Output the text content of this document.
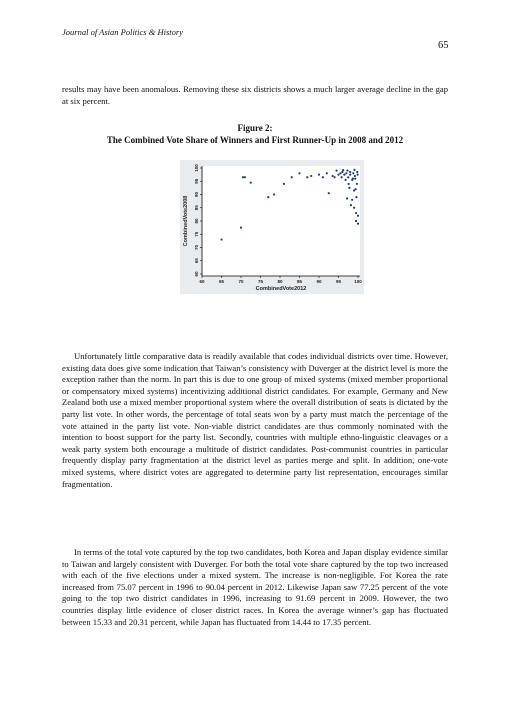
Journal of Asian Politics & History
65

results may have been anomalous. Removing these six districts shows a much larger average decline in the gap at six percent.

Figure 2:
The Combined Vote Share of Winners and First Runner-Up in 2008 and 2012
60
65
70
75
80
85
90
95
100
60	65	70	75	80	85	90	95	100
CombinedVote2012
CombinedVote2008

Unfortunately little comparative data is readily available that codes individual districts over time. However, existing data does give some indication that Taiwan’s consistency with Duverger at the district level is more the exception rather than the norm. In part this is due to one group of mixed systems (mixed member proportional or compensatory mixed systems) incentivizing additional district candidates. For example, Germany and New Zealand both use a mixed member proportional system where the overall distribution of seats is dictated by the party list vote. In other words, the percentage of total seats won by a party must match the percentage of the vote attained in the party list vote. Non-viable district candidates are thus commonly nominated with the intention to boost support for the party list. Secondly, countries with multiple ethno-linguistic cleavages or a weak party system both encourage a multitude of district candidates. Post-communist countries in particular frequently display party fragmentation at the district level as parties merge and split. In addition, one-vote mixed systems, where district votes are aggregated to determine party list representation, encourages similar fragmentation.

In terms of the total vote captured by the top two candidates, both Korea and Japan display evidence similar to Taiwan and largely consistent with Duverger. For both the total vote share captured by the top two increased with each of the five elections under a mixed system. The increase is non-negligible. For Korea the rate increased from 75.07 percent in 1996 to 90.04 percent in 2012. Likewise Japan saw 77.25 percent of the vote going to the top two district candidates in 1996, increasing to 91.69 percent in 2009. However, the two countries display little evidence of closer district races. In Korea the average winner’s gap has fluctuated between 15.33 and 20.31 percent, while Japan has fluctuated from 14.44 to 17.35 percent.
